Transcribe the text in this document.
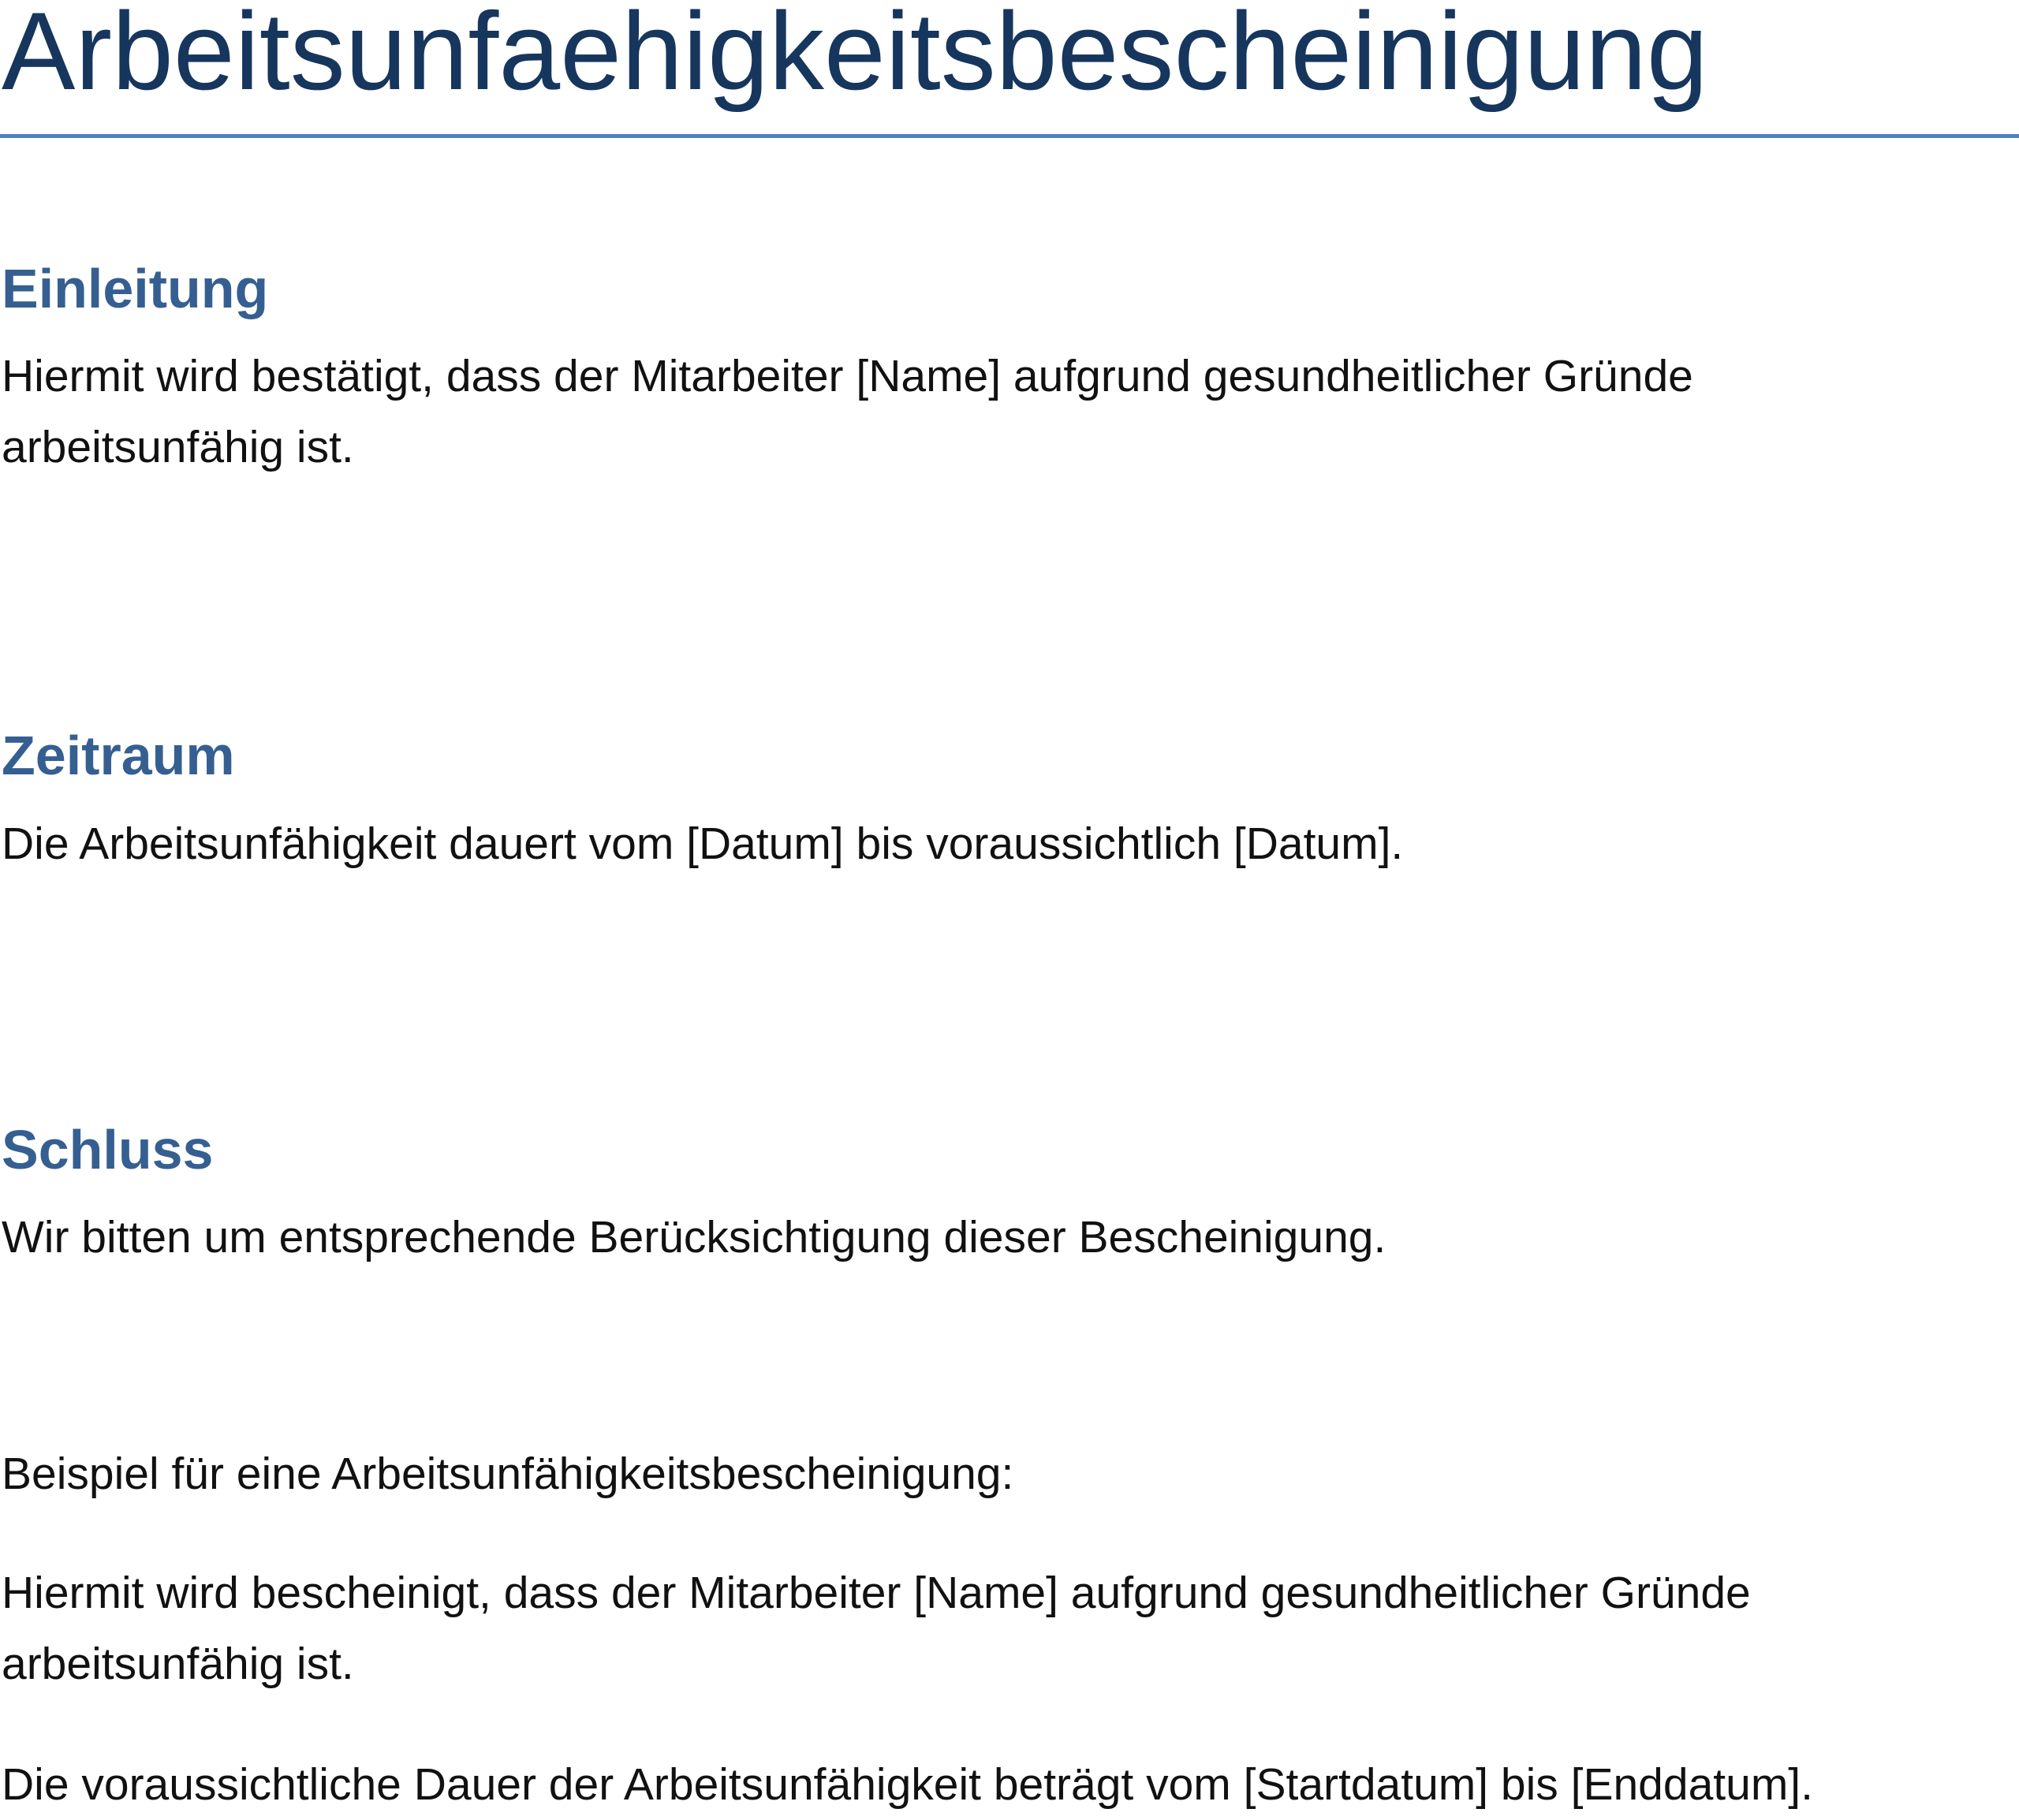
Arbeitsunfaehigkeitsbescheinigung
Einleitung

Hiermit wird bestätigt, dass der Mitarbeiter [Name] aufgrund gesundheitlicher Gründe arbeitsunfähig ist.

Zeitraum

Die Arbeitsunfähigkeit dauert vom [Datum] bis voraussichtlich [Datum].

Schluss

Wir bitten um entsprechende Berücksichtigung dieser Bescheinigung.

Beispiel für eine Arbeitsunfähigkeitsbescheinigung:

Hiermit wird bescheinigt, dass der Mitarbeiter [Name] aufgrund gesundheitlicher Gründe arbeitsunfähig ist.

Die voraussichtliche Dauer der Arbeitsunfähigkeit beträgt vom [Startdatum] bis [Enddatum].
